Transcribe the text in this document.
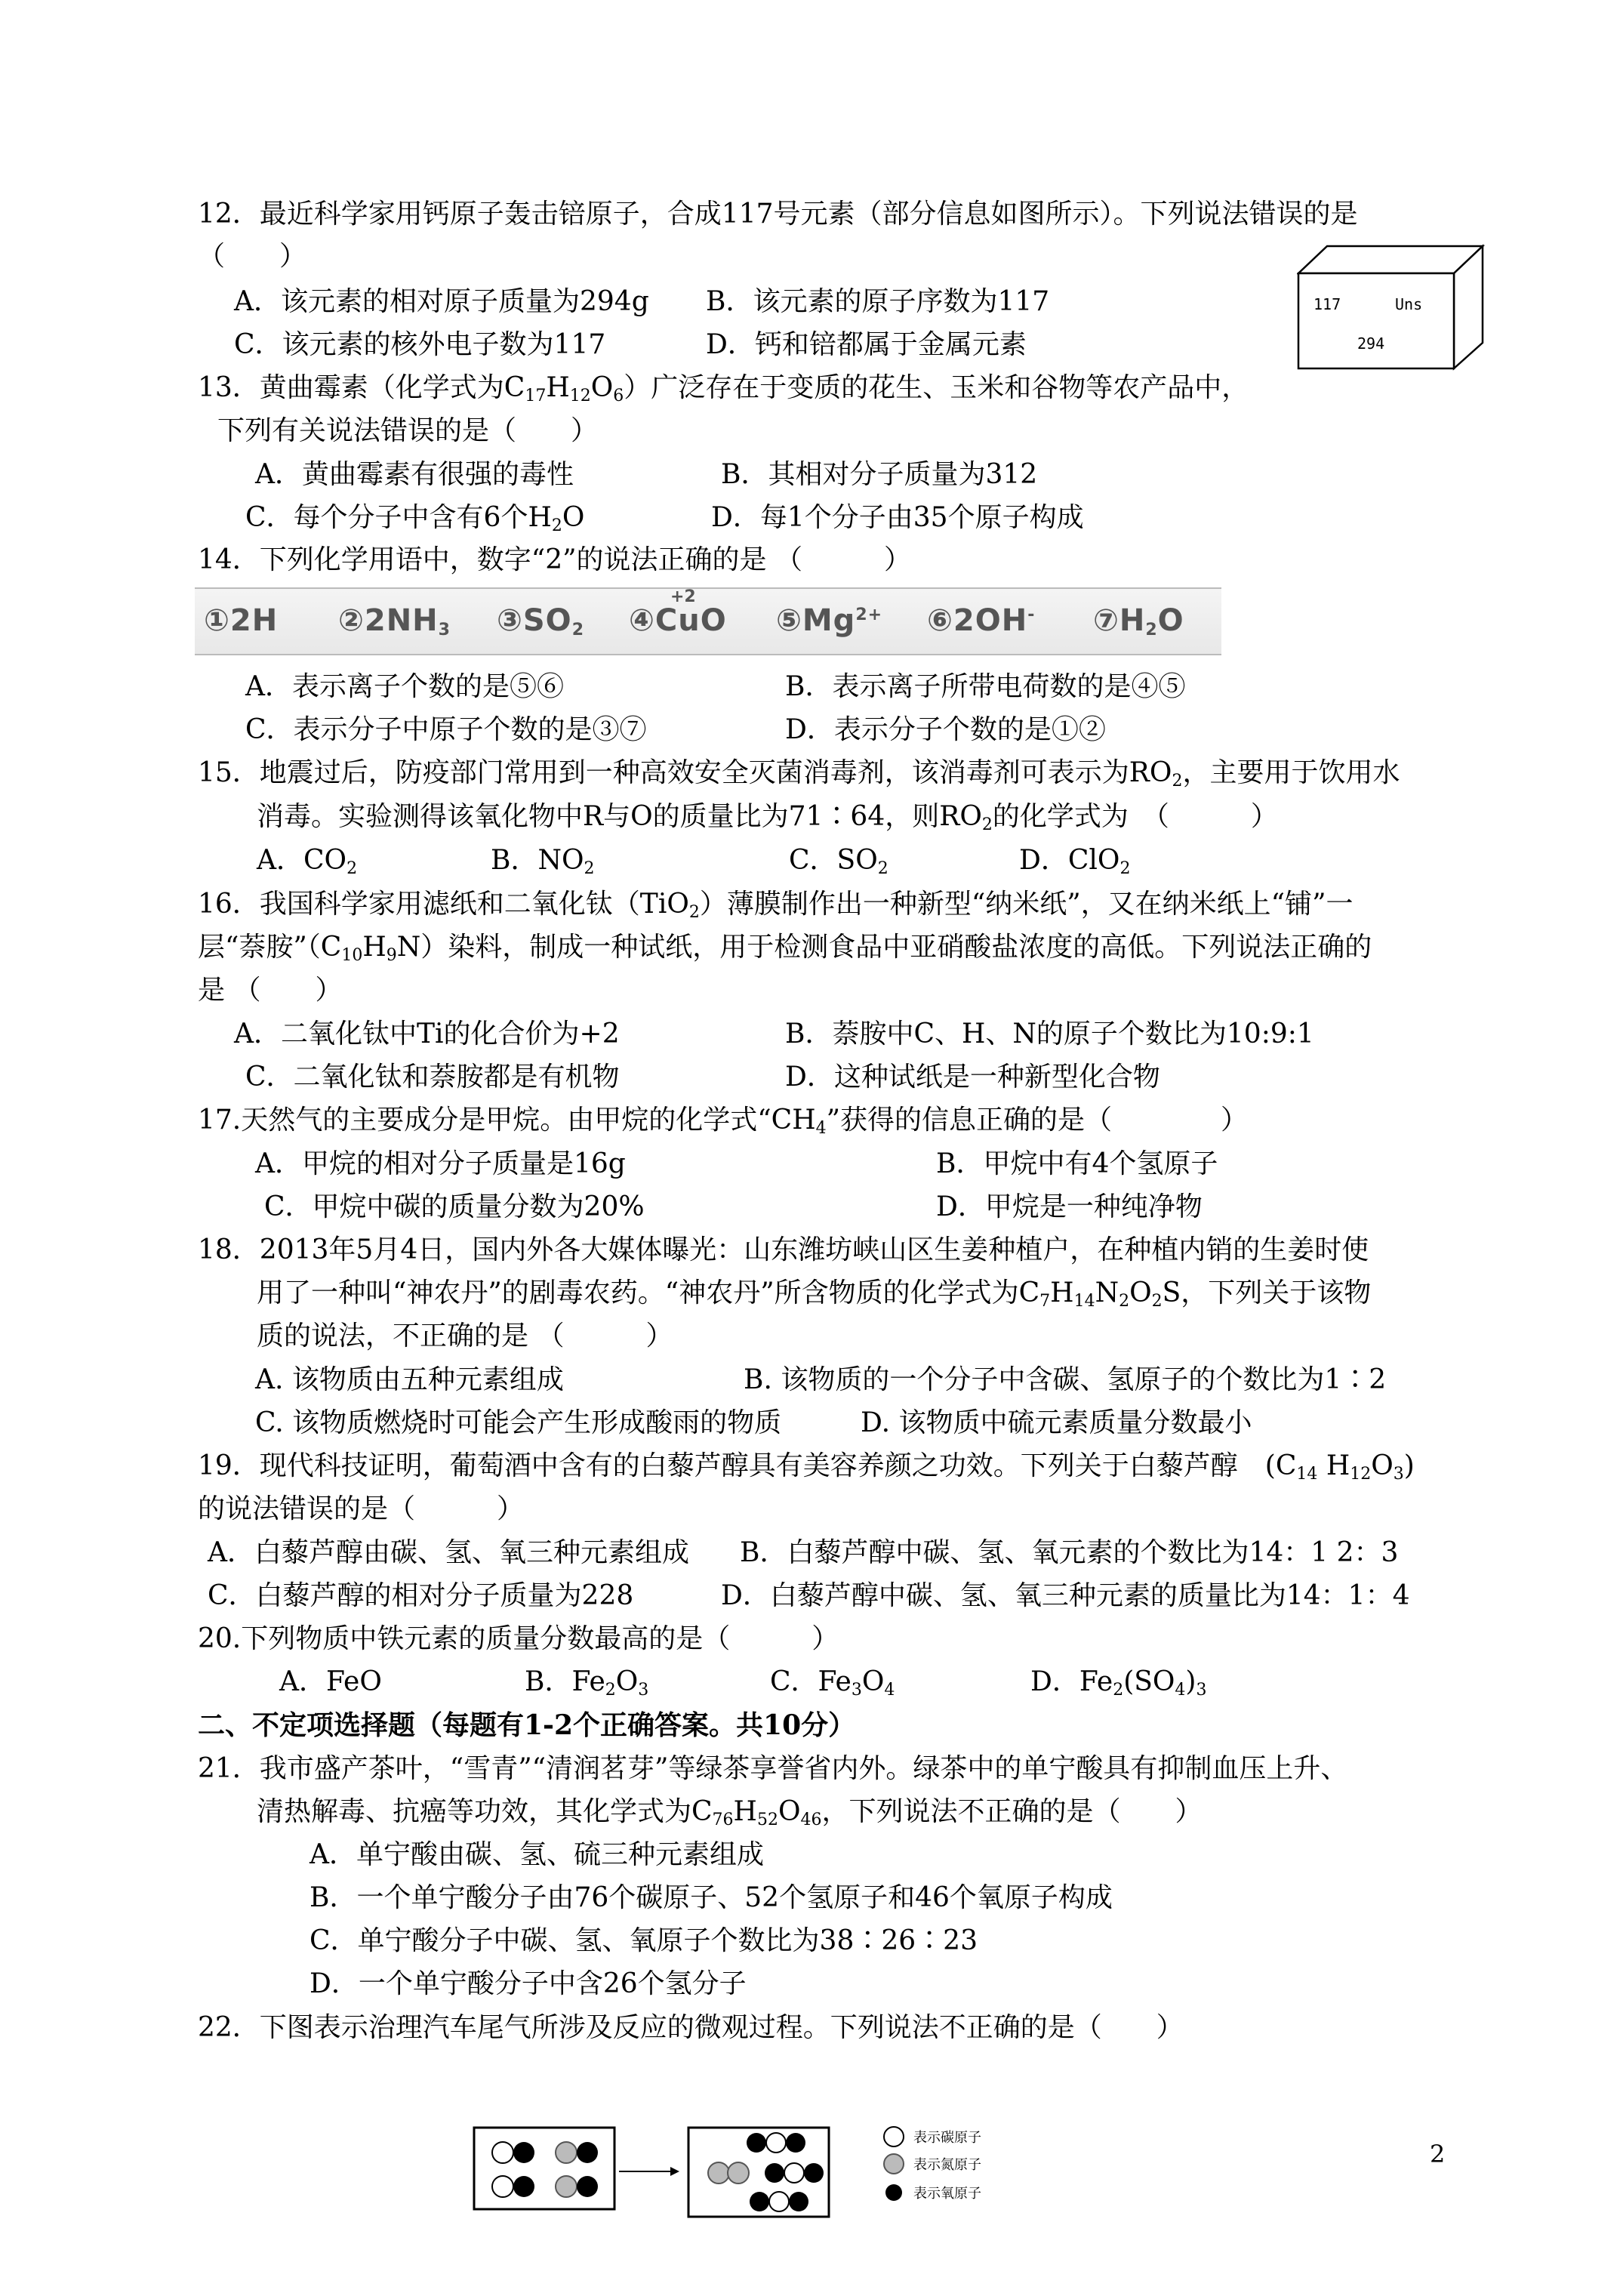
12．最近科学家用钙原子轰击锫原子，合成117号元素（部分信息如图所示）。下列说法错误的是
（　　）
A．该元素的相对原子质量为294g B．该元素的原子序数为117
C．该元素的核外电子数为117	D．钙和锫都属于金属元素
117	Uns
294
13．黄曲霉素（化学式为$C_{17}H_{12}O_6$）广泛存在于变质的花生、玉米和谷物等农产品中，
下列有关说法错误的是（　　）
A．黄曲霉素有很强的毒性	B．其相对分子质量为312
C．每个分子中含有6个$H_2O$	D．每1个分子由35个原子构成
14．下列化学用语中，数字“2”的说法正确的是 （　　　）
①2H $②2NH_3$ $③SO_2$ ④CuO
+2
$⑤Mg^{2+}$ ⑥2OH- $⑦H_2O$
A．表示离子个数的是⑤⑥	B．表示离子所带电荷数的是④⑤
C．表示分子中原子个数的是③⑦	D．表示分子个数的是①②
15．地震过后，防疫部门常用到一种高效安全灭菌消毒剂，该消毒剂可表示为$RO_2$，主要用于饮用水
消毒。实验测得该氧化物中R与O的质量比为71∶64，则$RO_2$的化学式为　（　　　）
A．$CO_2$	B．$NO_2$	C．$SO_2$	D．ClO$_2$
16．我国科学家用滤纸和二氧化钛（TiO$_2$）薄膜制作出一种新型“纳米纸”，又在纳米纸上“铺”一
层“萘胺$”(C_{10}H_9N)$染料，制成一种试纸，用于检测食品中亚硝酸盐浓度的高低。下列说法正确的
是 （　　）
A．二氧化钛中Ti的化合价为+2	B．萘胺中C、H、N的原子个数比为10:9:1
C．二氧化钛和萘胺都是有机物	D．这种试纸是一种新型化合物
17.天然气的主要成分是甲烷。由甲烷的化学式“$CH_4$”获得的信息正确的是（　　　　）
A．甲烷的相对分子质量是16g	B．甲烷中有4个氢原子
C．甲烷中碳的质量分数为20%	D．甲烷是一种纯净物
18．2013年5月4日，国内外各大媒体曝光：山东潍坊峡山区生姜种植户，在种植内销的生姜时使
用了一种叫“神农丹”的剧毒农药。“神农丹”所含物质的化学式为$C_7H_{14}N_2O_2S$，下列关于该物
质的说法，不正确的是 （　　　）
A. 该物质由五种元素组成	B. 该物质的一个分子中含碳、氢原子的个数比为1∶2
C. 该物质燃烧时可能会产生形成酸雨的物质	D. 该物质中硫元素质量分数最小
19．现代科技证明，葡萄酒中含有的白藜芦醇具有美容养颜之功效。下列关于白藜芦醇　($C_{14}$ $H_{12}O_3$)
的说法错误的是（　　　）
A．白藜芦醇由碳、氢、氧三种元素组成 B．白藜芦醇中碳、氢、氧元素的个数比为14：1 2：3
C．白藜芦醇的相对分子质量为228	D．白藜芦醇中碳、氢、氧三种元素的质量比为14：1：4
20.下列物质中铁元素的质量分数最高的是（　　　）
A．FeO	B．$Fe_2O_3$	C．$Fe_3O_4$	D．$Fe_2(SO_4)_3$
二、不定项选择题（每题有1-2个正确答案。共10分）
21．我市盛产茶叶，“雪青”“清润茗芽”等绿茶享誉省内外。绿茶中的单宁酸具有抑制血压上升、
清热解毒、抗癌等功效，其化学式为$C_{76}H_{52}O_{46}$，下列说法不正确的是（　　）
A．单宁酸由碳、氢、硫三种元素组成
B．一个单宁酸分子由76个碳原子、52个氢原子和46个氧原子构成
C．单宁酸分子中碳、氢、氧原子个数比为38∶26∶23
D．一个单宁酸分子中含26个氢分子
22．下图表示治理汽车尾气所涉及反应的微观过程。下列说法不正确的是（　　）
表示碳原子
表示氮原子
表示氧原子
2
